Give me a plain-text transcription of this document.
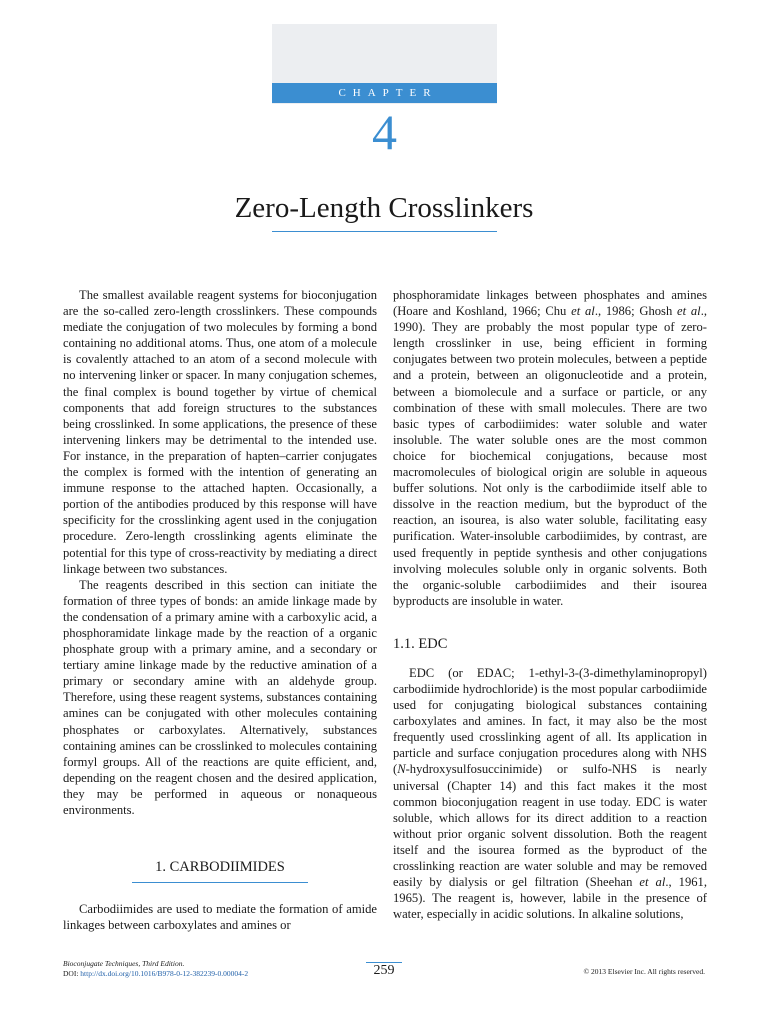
CHAPTER
4
Zero-Length Crosslinkers

The smallest available reagent systems for bioconjugation are the so-called zero-length crosslinkers. These compounds mediate the conjugation of two molecules by forming a bond containing no additional atoms. Thus, one atom of a molecule is covalently attached to an atom of a second molecule with no intervening linker or spacer. In many conjugation schemes, the final complex is bound together by virtue of chemical components that add foreign structures to the substances being crosslinked. In some applications, the presence of these intervening linkers may be detrimental to the intended use. For instance, in the preparation of hapten–carrier conjugates the complex is formed with the intention of generating an immune response to the attached hapten. Occasionally, a portion of the antibodies produced by this response will have specificity for the crosslinking agent used in the conjugation procedure. Zero-length crosslinking agents eliminate the potential for this type of cross-reactivity by mediating a direct linkage between two substances.

The reagents described in this section can initiate the formation of three types of bonds: an amide linkage made by the condensation of a primary amine with a carboxylic acid, a phosphoramidate linkage made by the reaction of a organic phosphate group with a primary amine, and a secondary or tertiary amine linkage made by the reductive amination of a primary or secondary amine with an aldehyde group. Therefore, using these reagent systems, substances containing amines can be conjugated with other molecules containing phosphates or carboxylates. Alternatively, substances containing amines can be crosslinked to molecules containing formyl groups. All of the reactions are quite efficient, and, depending on the reagent chosen and the desired application, they may be performed in aqueous or nonaqueous environments.

1. CARBODIIMIDES

Carbodiimides are used to mediate the formation of amide linkages between carboxylates and amines or

phosphoramidate linkages between phosphates and amines (Hoare and Koshland, 1966; Chu et al., 1986; Ghosh et al., 1990). They are probably the most popular type of zero-length crosslinker in use, being efficient in forming conjugates between two protein molecules, between a peptide and a protein, between an oligonucleotide and a protein, between a biomolecule and a surface or particle, or any combination of these with small molecules. There are two basic types of carbodiimides: water soluble and water insoluble. The water soluble ones are the most common choice for biochemical conjugations, because most macromolecules of biological origin are soluble in aqueous buffer solutions. Not only is the carbodiimide itself able to dissolve in the reaction medium, but the byproduct of the reaction, an isourea, is also water soluble, facilitating easy purification. Water-insoluble carbodiimides, by contrast, are used frequently in peptide synthesis and other conjugations involving molecules soluble only in organic solvents. Both the organic-soluble carbodiimides and their isourea byproducts are insoluble in water.

1.1. EDC

EDC (or EDAC; 1-ethyl-3-(3-dimethylaminopropyl) carbodiimide hydrochloride) is the most popular carbodiimide used for conjugating biological substances containing carboxylates and amines. In fact, it may also be the most frequently used crosslinking agent of all. Its application in particle and surface conjugation procedures along with NHS (N-hydroxysulfosuccinimide) or sulfo-NHS is nearly universal (Chapter 14) and this fact makes it the most common bioconjugation reagent in use today. EDC is water soluble, which allows for its direct addition to a reaction without prior organic solvent dissolution. Both the reagent itself and the isourea formed as the byproduct of the crosslinking reaction are water soluble and may be removed easily by dialysis or gel filtration (Sheehan et al., 1961, 1965). The reagent is, however, labile in the presence of water, especially in acidic solutions. In alkaline solutions,

Bioconjugate Techniques, Third Edition.
DOI: http://dx.doi.org/10.1016/B978-0-12-382239-0.00004-2	259	© 2013 Elsevier Inc. All rights reserved.
